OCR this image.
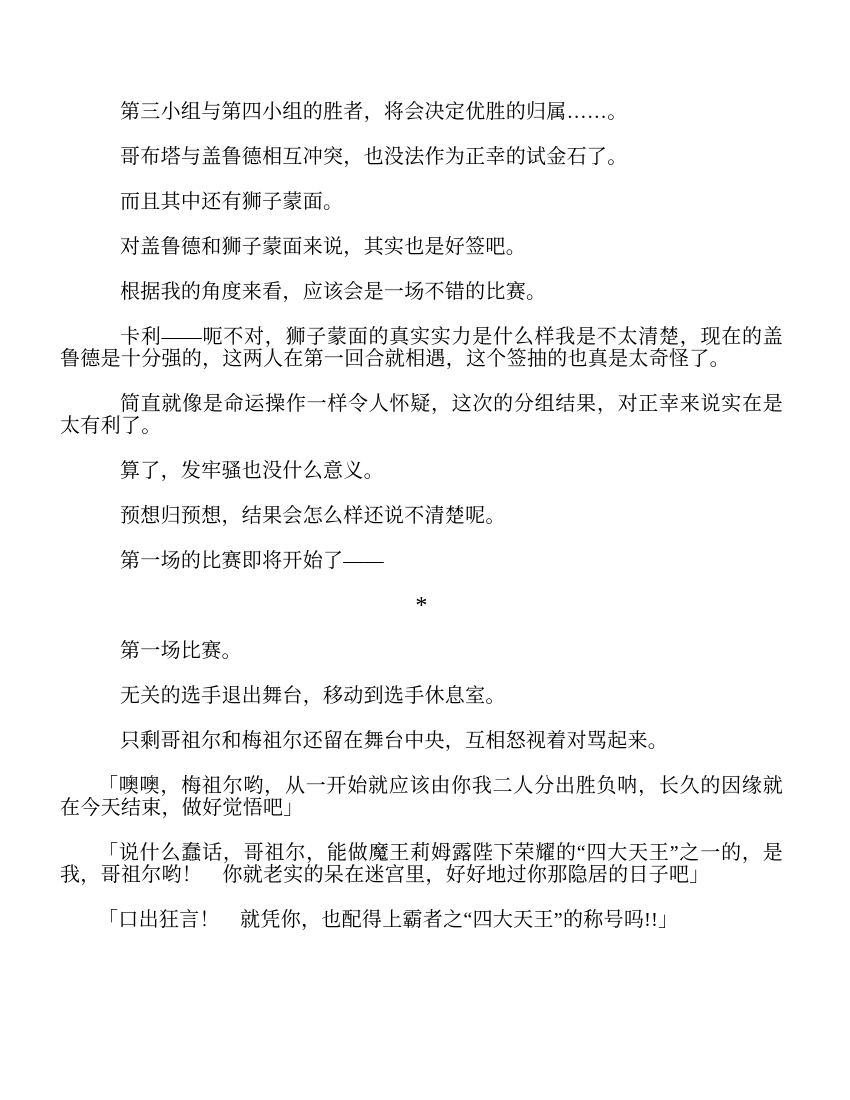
第三小组与第四小组的胜者，将会决定优胜的归属……。

哥布塔与盖鲁德相互冲突，也没法作为正幸的试金石了。

而且其中还有狮子蒙面。

对盖鲁德和狮子蒙面来说，其实也是好签吧。

根据我的角度来看，应该会是一场不错的比赛。

卡利——呃不对，狮子蒙面的真实实力是什么样我是不太清楚，现在的盖鲁德是十分强的，这两人在第一回合就相遇，这个签抽的也真是太奇怪了。

简直就像是命运操作一样令人怀疑，这次的分组结果，对正幸来说实在是太有利了。

算了，发牢骚也没什么意义。

预想归预想，结果会怎么样还说不清楚呢。

第一场的比赛即将开始了——

*

第一场比赛。

无关的选手退出舞台，移动到选手休息室。

只剩哥祖尔和梅祖尔还留在舞台中央，互相怒视着对骂起来。

「噢噢，梅祖尔哟，从一开始就应该由你我二人分出胜负呐，长久的因缘就在今天结束，做好觉悟吧」

「说什么蠢话，哥祖尔，能做魔王莉姆露陛下荣耀的“四大天王”之一的，是我，哥祖尔哟！　你就老实的呆在迷宫里，好好地过你那隐居的日子吧」

「口出狂言！　就凭你，也配得上霸者之“四大天王”的称号吗!!」
